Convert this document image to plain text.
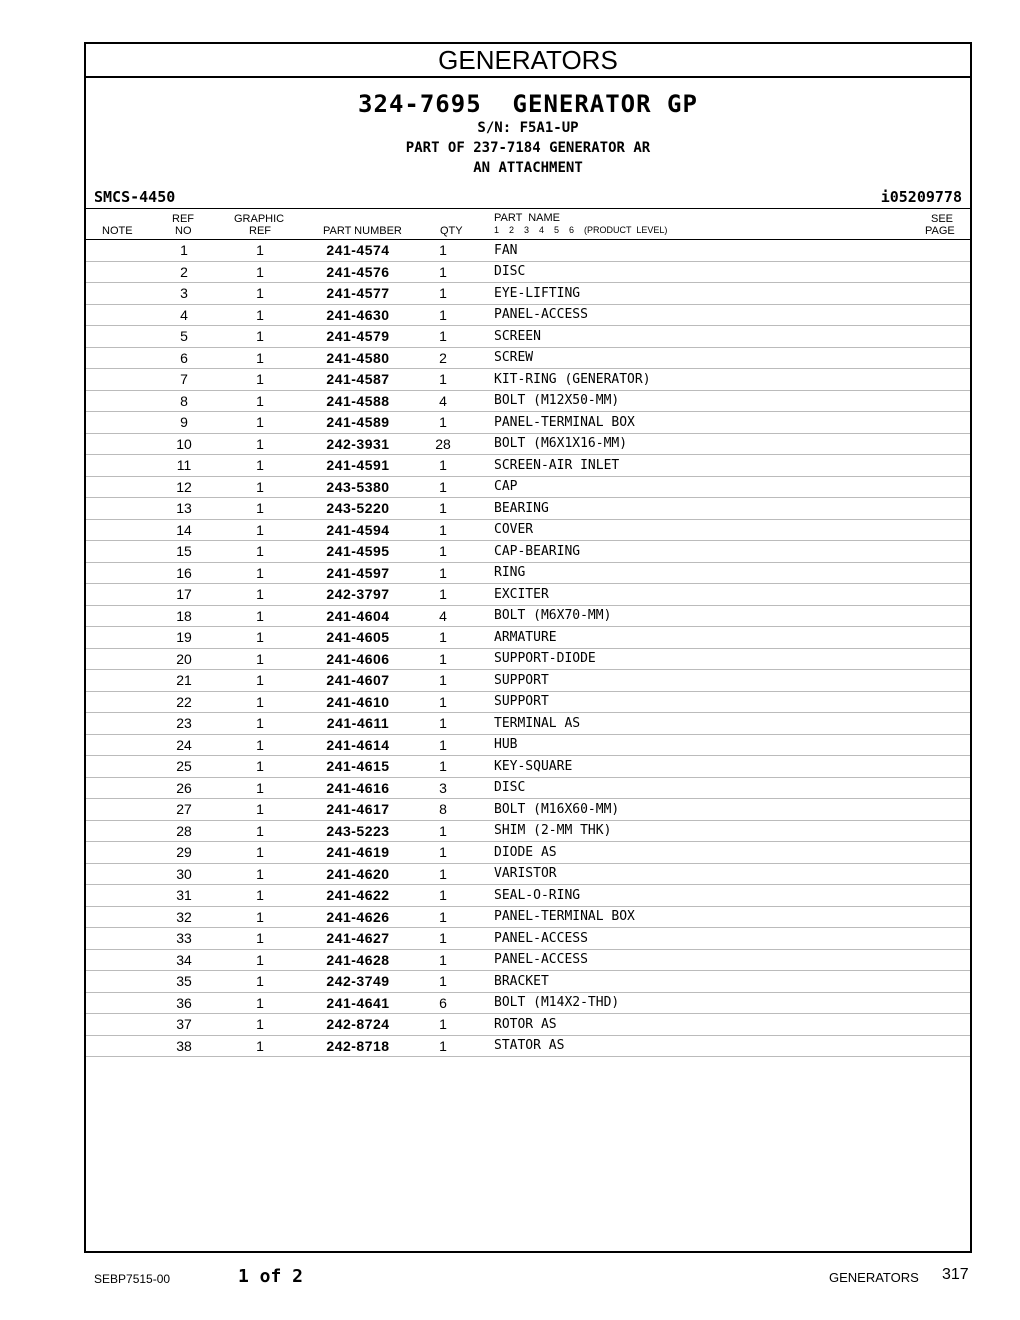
GENERATORS
324-7695  GENERATOR GP
S/N: F5A1-UP
PART OF 237-7184 GENERATOR AR
AN ATTACHMENT
SMCS-4450	i05209778
NOTE
REF
NO
GRAPHIC
REF	PART NUMBER	QTY
PART  NAME
1    2    3    4    5    6    (PRODUCT  LEVEL)
SEE
PAGE
	1	1	241-4574	1	FAN	
	2	1	241-4576	1	DISC	
	3	1	241-4577	1	EYE-LIFTING	
	4	1	241-4630	1	PANEL-ACCESS	
	5	1	241-4579	1	SCREEN	
	6	1	241-4580	2	SCREW	
	7	1	241-4587	1	KIT-RING (GENERATOR)	
	8	1	241-4588	4	BOLT (M12X50-MM)	
	9	1	241-4589	1	PANEL-TERMINAL BOX	
	10	1	242-3931	28	BOLT (M6X1X16-MM)	
	11	1	241-4591	1	SCREEN-AIR INLET	
	12	1	243-5380	1	CAP	
	13	1	243-5220	1	BEARING	
	14	1	241-4594	1	COVER	
	15	1	241-4595	1	CAP-BEARING	
	16	1	241-4597	1	RING	
	17	1	242-3797	1	EXCITER	
	18	1	241-4604	4	BOLT (M6X70-MM)	
	19	1	241-4605	1	ARMATURE	
	20	1	241-4606	1	SUPPORT-DIODE	
	21	1	241-4607	1	SUPPORT	
	22	1	241-4610	1	SUPPORT	
	23	1	241-4611	1	TERMINAL AS	
	24	1	241-4614	1	HUB	
	25	1	241-4615	1	KEY-SQUARE	
	26	1	241-4616	3	DISC	
	27	1	241-4617	8	BOLT (M16X60-MM)	
	28	1	243-5223	1	SHIM (2-MM THK)	
	29	1	241-4619	1	DIODE AS	
	30	1	241-4620	1	VARISTOR	
	31	1	241-4622	1	SEAL-O-RING	
	32	1	241-4626	1	PANEL-TERMINAL BOX	
	33	1	241-4627	1	PANEL-ACCESS	
	34	1	241-4628	1	PANEL-ACCESS	
	35	1	242-3749	1	BRACKET	
	36	1	241-4641	6	BOLT (M14X2-THD)	
	37	1	242-8724	1	ROTOR AS	
	38	1	242-8718	1	STATOR AS	
SEBP7515-00	1 of 2	GENERATORS 317
